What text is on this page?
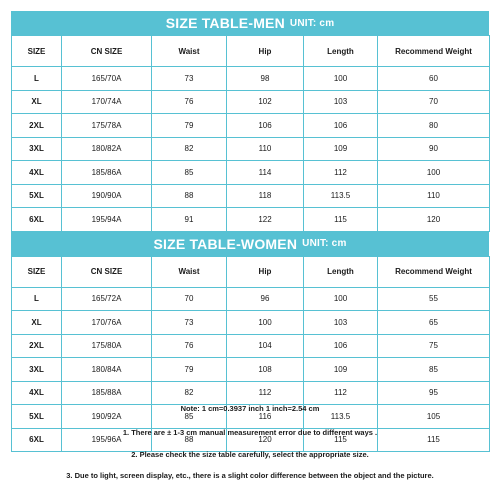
SIZE TABLE-MEN UNIT: cm
SIZE	CN SIZE	Waist	Hip	Length	Recommend Weight
L	165/70A	73	98	100	60
XL	170/74A	76	102	103	70
2XL	175/78A	79	106	106	80
3XL	180/82A	82	110	109	90
4XL	185/86A	85	114	112	100
5XL	190/90A	88	118	113.5	110
6XL	195/94A	91	122	115	120
SIZE TABLE-WOMEN UNIT: cm
SIZE	CN SIZE	Waist	Hip	Length	Recommend Weight
L	165/72A	70	96	100	55
XL	170/76A	73	100	103	65
2XL	175/80A	76	104	106	75
3XL	180/84A	79	108	109	85
4XL	185/88A	82	112	112	95
5XL	190/92A	85	116	113.5	105
6XL	195/96A	88	120	115	115
Note: 1 cm=0.3937 inch 1 inch=2.54 cm
1. There are ± 1-3 cm manual measurement error due to different ways .
2. Please check the size table carefully, select the appropriate size.
3. Due to light, screen display, etc., there is a slight color difference between the object and the picture.
